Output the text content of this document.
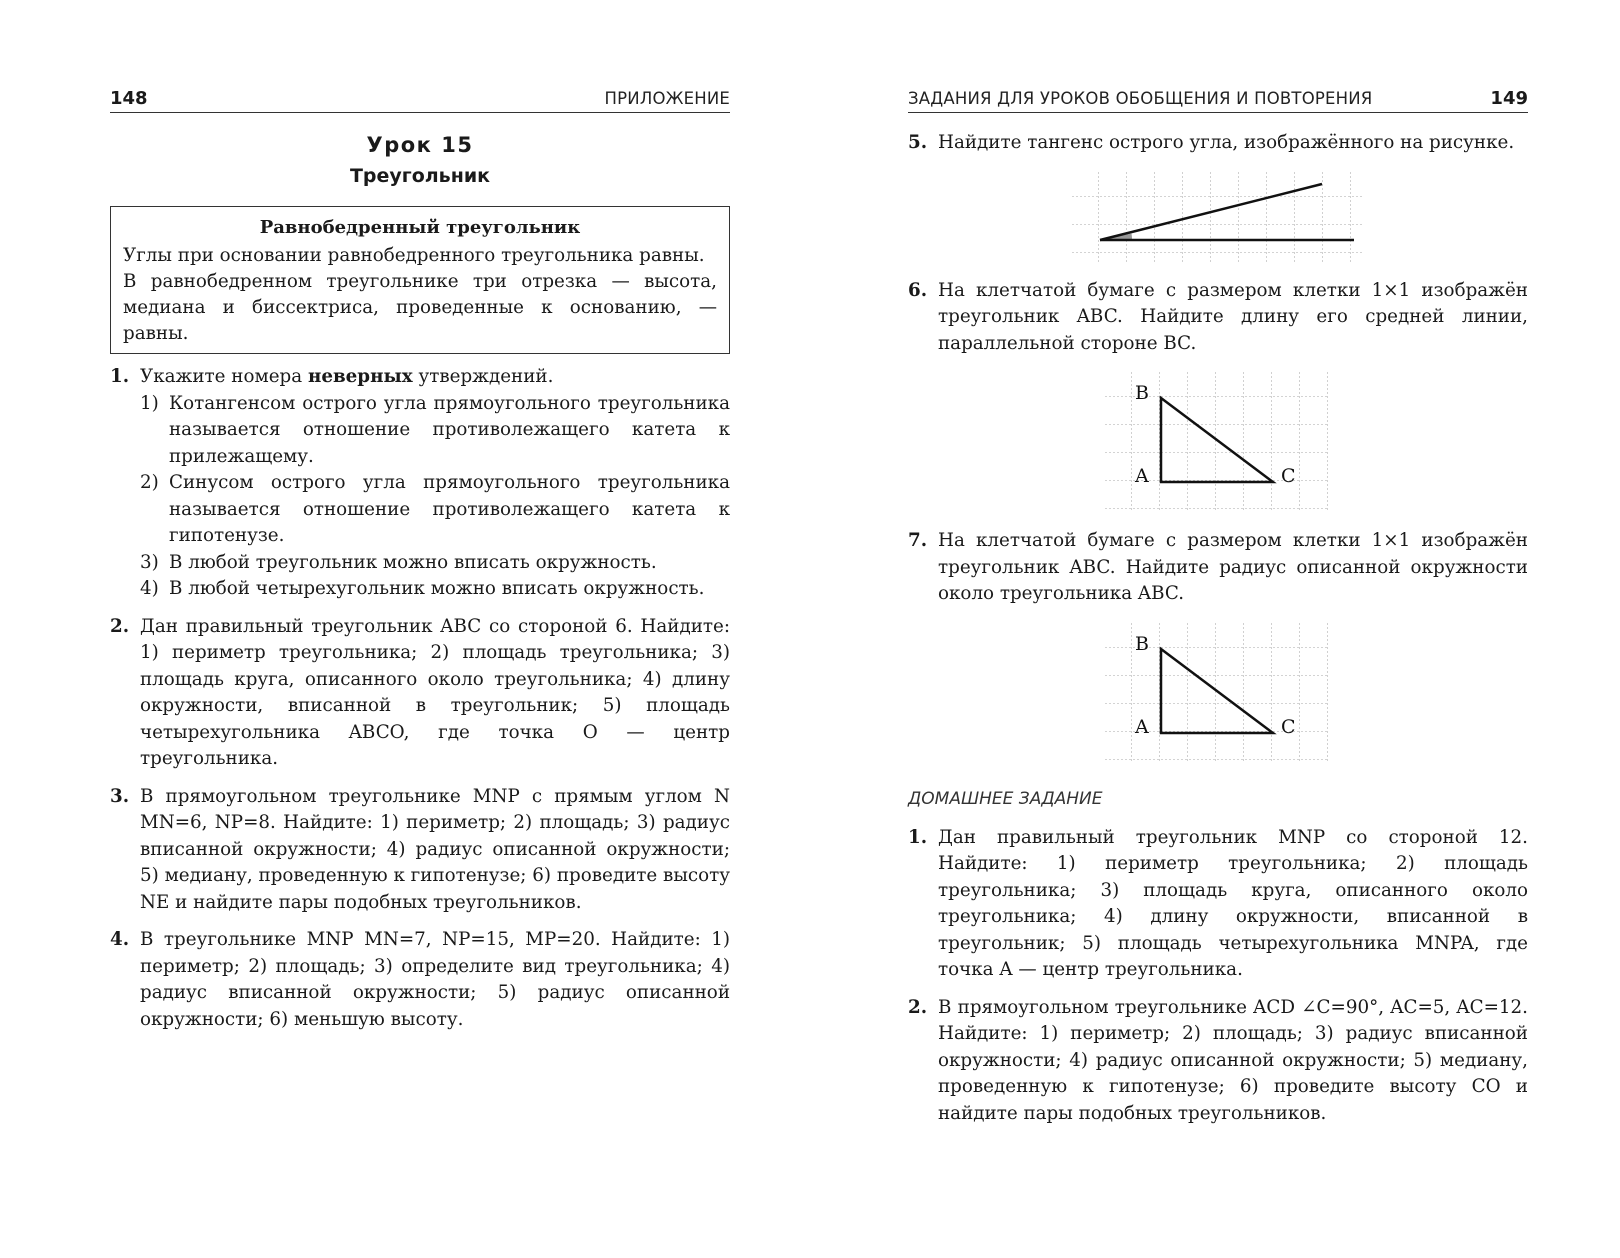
148	ПРИЛОЖЕНИЕ
Урок 15
Треугольник
Равнобедренный треугольник

Углы при основании равнобедренного треугольника равны.

В равнобедренном треугольнике три отрезка — высота, медиана и биссектриса, проведенные к основанию, — равны.

1. Укажите номера неверных утверждений.
1) Котангенсом острого угла прямоугольного треугольника называется отношение противолежащего катета к прилежащему.
2) Синусом острого угла прямоугольного треугольника называется отношение противолежащего катета к гипотенузе.
3) В любой треугольник можно вписать окружность.
4) В любой четырехугольник можно вписать окружность.
2. Дан правильный треугольник ABC со стороной 6. Найдите: 1) периметр треугольника; 2) площадь треугольника; 3) площадь круга, описанного около треугольника; 4) длину окружности, вписанной в треугольник; 5) площадь четырехугольника ABCO, где точка O — центр треугольника.
3. В прямоугольном треугольнике MNP с прямым углом N MN=6, NP=8. Найдите: 1) периметр; 2) площадь; 3) радиус вписанной окружности; 4) радиус описанной окружности; 5) медиану, проведенную к гипотенузе; 6) проведите высоту NE и найдите пары подобных треугольников.
4. В треугольнике MNP MN=7, NP=15, MP=20. Найдите: 1) периметр; 2) площадь; 3) определите вид треугольника; 4) радиус вписанной окружности; 5) радиус описанной окружности; 6) меньшую высоту.
ЗАДАНИЯ ДЛЯ УРОКОВ ОБОБЩЕНИЯ И ПОВТОРЕНИЯ	149
5. Найдите тангенс острого угла, изображённого на рисунке.
6. На клетчатой бумаге с размером клетки 1×1 изображён треугольник ABC. Найдите длину его средней линии, параллельной стороне BC.
B
A	C
7. На клетчатой бумаге с размером клетки 1×1 изображён треугольник ABC. Найдите радиус описанной окружности около треугольника ABC.
B
A	C
ДОМАШНЕЕ ЗАДАНИЕ
1. Дан правильный треугольник MNP со стороной 12. Найдите: 1) периметр треугольника; 2) площадь треугольника; 3) площадь круга, описанного около треугольника; 4) длину окружности, вписанной в треугольник; 5) площадь четырехугольника MNPA, где точка A — центр треугольника.
2. В прямоугольном треугольнике ACD ∠C=90°, AC=5, AC=12. Найдите: 1) периметр; 2) площадь; 3) радиус вписанной окружности; 4) радиус описанной окружности; 5) медиану, проведенную к гипотенузе; 6) проведите высоту CO и найдите пары подобных треугольников.
